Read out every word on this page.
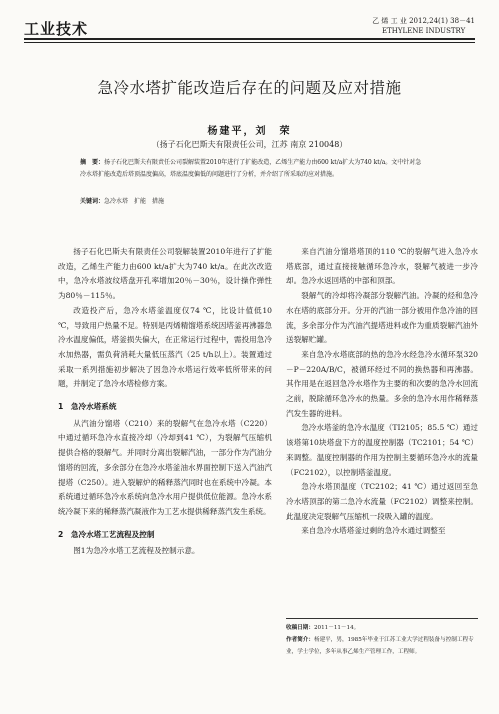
工业技术	乙 烯 工 业 2012,24(1) 38－41
ETHYLENE INDUSTRY
急冷水塔扩能改造后存在的问题及应对措施
杨建平，刘　荣
（扬子石化巴斯夫有限责任公司，江苏 南京 210048）
摘　要：扬子石化巴斯夫有限责任公司裂解装置2010年进行了扩能改造，乙烯生产能力由600 kt/a扩大为740 kt/a。文中针对急冷水塔扩能改造后塔顶温度偏高，塔底温度偏低的问题进行了分析，并介绍了所采取的应对措施。
关键词：急冷水塔　扩能　措施

扬子石化巴斯夫有限责任公司裂解装置2010年进行了扩能改造，乙烯生产能力由600 kt/a扩大为740 kt/a。在此次改造中，急冷水塔波纹塔盘开孔率增加20％－30％，设计操作弹性为80％－115％。

改造投产后，急冷水塔釜温度仅74 ℃，比设计值低10 ℃，导致用户热量不足。特别是丙烯精馏塔系统因塔釜再沸器急冷水温度偏低，塔釜损失偏大，在正常运行过程中，需投用急冷水加热器，需负荷消耗大量低压蒸汽（25 t/h以上）。装置通过采取一系列措施初步解决了因急冷水塔运行效率低所带来的问题，并制定了急冷水塔检修方案。

1　急冷水塔系统

从汽油分馏塔（C210）来的裂解气在急冷水塔（C220）中通过循环急冷水直接冷却（冷却到41 ℃），为裂解气压缩机提供合格的裂解气。并同时分离出裂解汽油，一部分作为汽油分馏塔的回流，多余部分在急冷水塔釜油水界面控制下送入汽油汽提塔（C250）。进入裂解炉的稀释蒸汽同时也在系统中冷凝。本系统通过循环急冷水系统向急冷水用户提供低位能源。急冷水系统冷凝下来的稀释蒸汽凝液作为工艺水提供稀释蒸汽发生系统。

2　急冷水塔工艺流程及控制

图1为急冷水塔工艺流程及控制示意。

来自汽油分馏塔塔顶的110 ℃的裂解气进入急冷水塔底部，通过直接接触循环急冷水，裂解气被进一步冷却。急冷水返回塔的中部和顶部。

裂解气的冷却将冷凝部分裂解汽油。冷凝的烃和急冷水在塔的底部分开。分开的汽油一部分被用作急冷油的回流，多余部分作为汽油汽提塔进料或作为重质裂解汽油外送裂解贮罐。

来自急冷水塔底部的热的急冷水经急冷水循环泵320－P－220A/B/C，被循环经过不同的换热器和再沸器。其作用是在返回急冷水塔作为主要的和次要的急冷水回流之前，脱除循环急冷水的热量。多余的急冷水用作稀释蒸汽发生器的进料。

急冷水塔釜的急冷水温度（TI2105；85.5 ℃）通过该塔第10块塔盘下方的温度控制器（TC2101；54 ℃）来调整。温度控制器的作用为控制主要循环急冷水的流量（FC2102），以控制塔釜温度。

急冷水塔顶温度（TC2102；41 ℃）通过返回至急冷水塔顶部的第二急冷水流量（FC2102）调整来控制。此温度决定裂解气压缩机一段吸入罐的温度。

来自急冷水塔塔釜过剩的急冷水通过调整至

收稿日期：2011－11－14。
作者简介：杨建平，男，1985年毕业于江苏工业大学过程装备与控制工程专业，学士学位，多年从事乙烯生产管理工作，工程师。
